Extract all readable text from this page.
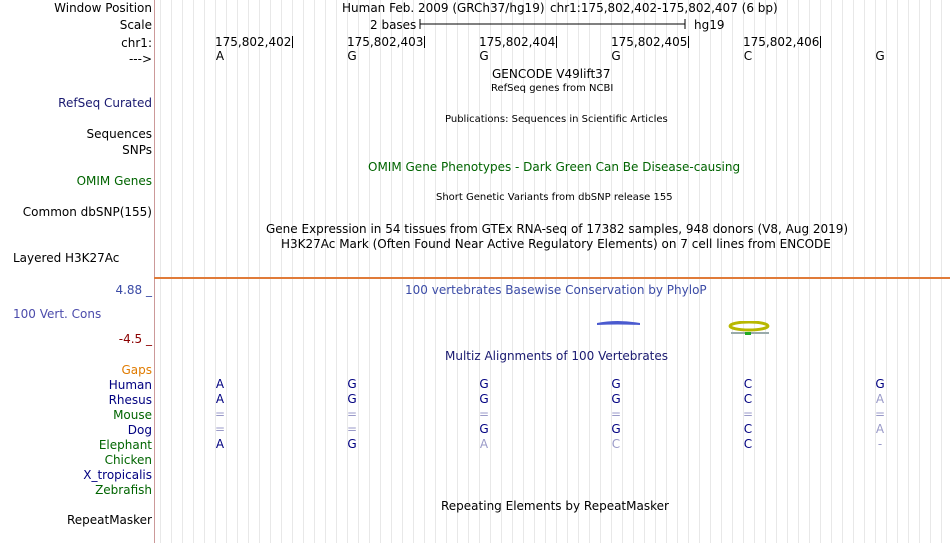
Window Position	Human Feb. 2009 (GRCh37/hg19) chr1:175,802,402-175,802,407 (6 bp)
Scale	2 bases	hg19
chr1:	175,802,402	175,802,403	175,802,404	175,802,405	175,802,406
--->	A	G	G	G	C	G
GENCODE V49lift37
RefSeq genes from NCBI
RefSeq Curated
Publications: Sequences in Scientific Articles
Sequences
SNPs
OMIM Gene Phenotypes - Dark Green Can Be Disease-causing
OMIM Genes
Short Genetic Variants from dbSNP release 155
Common dbSNP(155)
Gene Expression in 54 tissues from GTEx RNA-seq of 17382 samples, 948 donors (V8, Aug 2019)
H3K27Ac Mark (Often Found Near Active Regulatory Elements) on 7 cell lines from ENCODE
Layered H3K27Ac
4.88 _	100 vertebrates Basewise Conservation by PhyloP
100 Vert. Cons
-4.5 _
Multiz Alignments of 100 Vertebrates
Gaps
Human	A	G	G	G	C	G
Rhesus	A	G	G	G	C	A
Mouse	=	=	=	=	=	=
Dog	=	=	G	G	C	A
Elephant	A	G	A	C	C	-
Chicken
X_tropicalis
Zebrafish
Repeating Elements by RepeatMasker
RepeatMasker
